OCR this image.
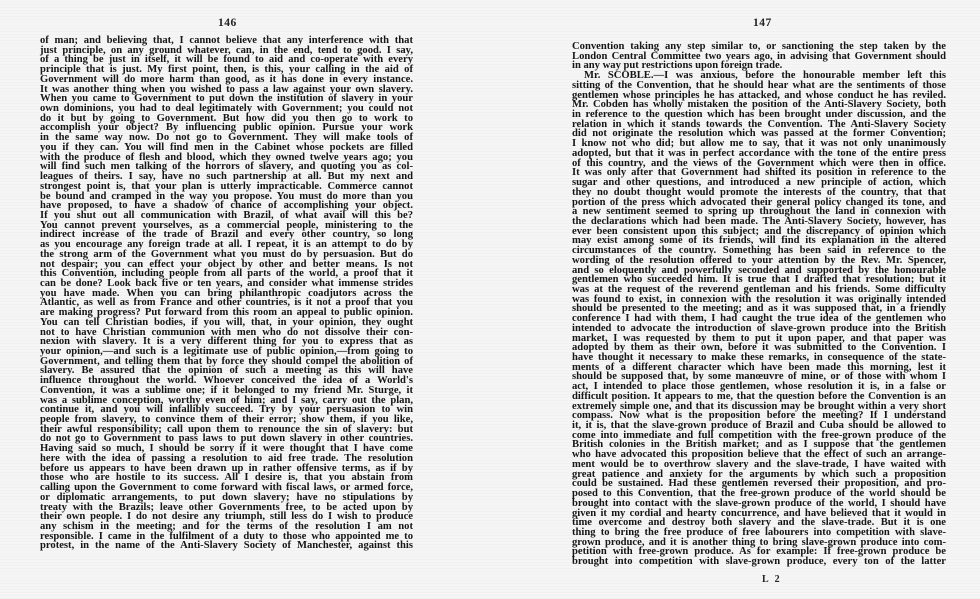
146
of man; and believing that, I cannot believe that any interference with that
just principle, on any ground whatever, can, in the end, tend to good. I say,
of a thing be just in itself, it will be found to aid and co-operate with every
principle that is just. My first point, then, is this, your calling in the aid of
Government will do more harm than good, as it has done in every instance.
It was another thing when you wished to pass a law against your own slavery.
When you came to Government to put down the institution of slavery in your
own dominions, you had to deal legitimately with Government; you could not
do it but by going to Government. But how did you then go to work to
accomplish your object? By influencing public opinion. Pursue your work
in the same way now. Do not go to Government. They will make tools of
you if they can. You will find men in the Cabinet whose pockets are filled
with the produce of flesh and blood, which they owned twelve years ago; you
will find such men talking of the horrors of slavery, and quoting you as col-
leagues of theirs. I say, have no such partnership at all. But my next and
strongest point is, that your plan is utterly impracticable. Commerce cannot
be bound and cramped in the way you propose. You must do more than you
have proposed, to have a shadow of chance of accomplishing your object.
If you shut out all communication with Brazil, of what avail will this be?
You cannot prevent yourselves, as a commercial people, ministering to the
indirect increase of the trade of Brazil and every other country, so long
as you encourage any foreign trade at all. I repeat, it is an attempt to do by
the strong arm of the Government what you must do by persuasion. But do
not despair; you can effect your object by other and better means. Is not
this Convention, including people from all parts of the world, a proof that it
can be done? Look back five or ten years, and consider what immense strides
you have made. When you can bring philanthropic coadjutors across the
Atlantic, as well as from France and other countries, is it not a proof that you
are making progress? Put forward from this room an appeal to public opinion.
You can tell Christian bodies, if you will, that, in your opinion, they ought
not to have Christian communion with men who do not dissolve their con-
nexion with slavery. It is a very different thing for you to express that as
your opinion,—and such is a legitimate use of public opinion,—from going to
Government, and telling them that by force they should compel the abolition of
slavery. Be assured that the opinion of such a meeting as this will have
influence throughout the world. Whoever conceived the idea of a World's
Convention, it was a sublime one; if it belonged to my friend Mr. Sturge, it
was a sublime conception, worthy even of him; and I say, carry out the plan,
continue it, and you will infallibly succeed. Try by your persuasion to win
people from slavery, to convince them of their error; show them, if you like,
their awful responsibility; call upon them to renounce the sin of slavery: but
do not go to Government to pass laws to put down slavery in other countries.
Having said so much, I should be sorry if it were thought that I have come
here with the idea of passing a resolution to aid free trade. The resolution
before us appears to have been drawn up in rather offensive terms, as if by
those who are hostile to its success. All I desire is, that you abstain from
calling upon the Government to come forward with fiscal laws, or armed force,
or diplomatic arrangements, to put down slavery; have no stipulations by
treaty with the Brazils; leave other Governments free, to be acted upon by
their own people. I do not desire any triumph, still less do I wish to produce
any schism in the meeting; and for the terms of the resolution I am not
responsible. I came in the fulfilment of a duty to those who appointed me to
protest, in the name of the Anti-Slavery Society of Manchester, against this
147
Convention taking any step similar to, or sanctioning the step taken by the
London Central Committee two years ago, in advising that Government should
in any way put restrictions upon foreign trade.
Mr. SCOBLE.—I was anxious, before the honourable member left this
sitting of the Convention, that he should hear what are the sentiments of those
gentlemen whose principles he has attacked, and whose conduct he has reviled.
Mr. Cobden has wholly mistaken the position of the Anti-Slavery Society, both
in reference to the question which has been brought under discussion, and the
relation in which it stands towards the Convention. The Anti-Slavery Society
did not originate the resolution which was passed at the former Convention;
I know not who did; but allow me to say, that it was not only unanimously
adopted, but that it was in perfect accordance with the tone of the entire press
of this country, and the views of the Government which were then in office.
It was only after that Government had shifted its position in reference to the
sugar and other questions, and introduced a new principle of action, which
they no doubt thought would promote the interests of the country, that that
portion of the press which advocated their general policy changed its tone, and
a new sentiment seemed to spring up throughout the land in connexion with
the declarations which had been made. The Anti-Slavery Society, however, has
ever been consistent upon this subject; and the discrepancy of opinion which
may exist among some of its friends, will find its explanation in the altered
circumstances of the country. Something has been said in reference to the
wording of the resolution offered to your attention by the Rev. Mr. Spencer,
and so eloquently and powerfully seconded and supported by the honourable
gentlemen who succeeded him. It is true that I drafted that resolution; but it
was at the request of the reverend gentleman and his friends. Some difficulty
was found to exist, in connexion with the resolution it was originally intended
should be presented to the meeting; and as it was supposed that, in a friendly
conference I had with them, I had caught the true idea of the gentlemen who
intended to advocate the introduction of slave-grown produce into the British
market, I was requested by them to put it upon paper, and that paper was
adopted by them as their own, before it was submitted to the Convention. I
have thought it necessary to make these remarks, in consequence of the state-
ments of a different character which have been made this morning, lest it
should be supposed that, by some manœuvre of mine, or of those with whom I
act, I intended to place those gentlemen, whose resolution it is, in a false or
difficult position. It appears to me, that the question before the Convention is an
extremely simple one, and that its discussion may be brought within a very short
compass. Now what is the proposition before the meeting? If I understand
it, it is, that the slave-grown produce of Brazil and Cuba should be allowed to
come into immediate and full competition with the free-grown produce of the
British colonies in the British market; and as I suppose that the gentlemen
who have advocated this proposition believe that the effect of such an arrange-
ment would be to overthrow slavery and the slave-trade, I have waited with
great patience and anxiety for the arguments by which such a proposition
could be sustained. Had these gentlemen reversed their proposition, and pro-
posed to this Convention, that the free-grown produce of the world should be
brought into contact with the slave-grown produce of the world, I should have
given it my cordial and hearty concurrence, and have believed that it would in
time overcome and destroy both slavery and the slave-trade. But it is one
thing to bring the free produce of free labourers into competition with slave-
grown produce, and it is another thing to bring slave-grown produce into com-
petition with free-grown produce. As for example: If free-grown produce be
brought into competition with slave-grown produce, every ton of the latter
L 2
